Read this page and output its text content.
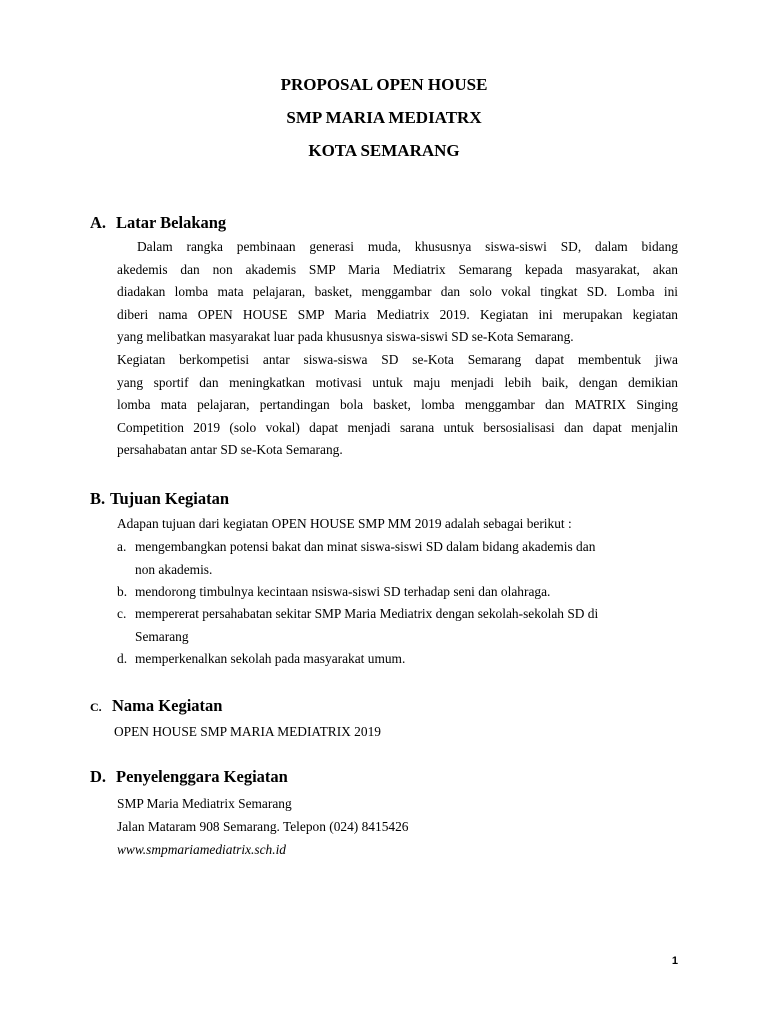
PROPOSAL OPEN HOUSE
SMP MARIA MEDIATRX
KOTA SEMARANG
A. Latar Belakang
Dalam rangka pembinaan generasi muda, khususnya siswa-siswi SD, dalam bidang
akedemis dan non akademis SMP Maria Mediatrix Semarang kepada masyarakat, akan
diadakan lomba mata pelajaran, basket, menggambar dan solo vokal tingkat SD. Lomba ini
diberi nama OPEN HOUSE SMP Maria Mediatrix 2019. Kegiatan ini merupakan kegiatan
yang melibatkan masyarakat luar pada khususnya siswa-siswi SD se-Kota Semarang.
Kegiatan berkompetisi antar siswa-siswa SD se-Kota Semarang dapat membentuk jiwa
yang sportif dan meningkatkan motivasi untuk maju menjadi lebih baik, dengan demikian
lomba mata pelajaran, pertandingan bola basket, lomba menggambar dan MATRIX Singing
Competition 2019 (solo vokal) dapat menjadi sarana untuk bersosialisasi dan dapat menjalin
persahabatan antar SD se-Kota Semarang.
B. Tujuan Kegiatan
Adapan tujuan dari kegiatan OPEN HOUSE SMP MM 2019 adalah sebagai berikut :
a. mengembangkan potensi bakat dan minat siswa-siswi SD dalam bidang akademis dan
non akademis.
b. mendorong timbulnya kecintaan nsiswa-siswi SD terhadap seni dan olahraga.
c. mempererat persahabatan sekitar SMP Maria Mediatrix dengan sekolah-sekolah SD di
Semarang
d. memperkenalkan sekolah pada masyarakat umum.
C. Nama Kegiatan
OPEN HOUSE SMP MARIA MEDIATRIX 2019
D. Penyelenggara Kegiatan
SMP Maria Mediatrix Semarang
Jalan Mataram 908 Semarang. Telepon (024) 8415426
www.smpmariamediatrix.sch.id
1
